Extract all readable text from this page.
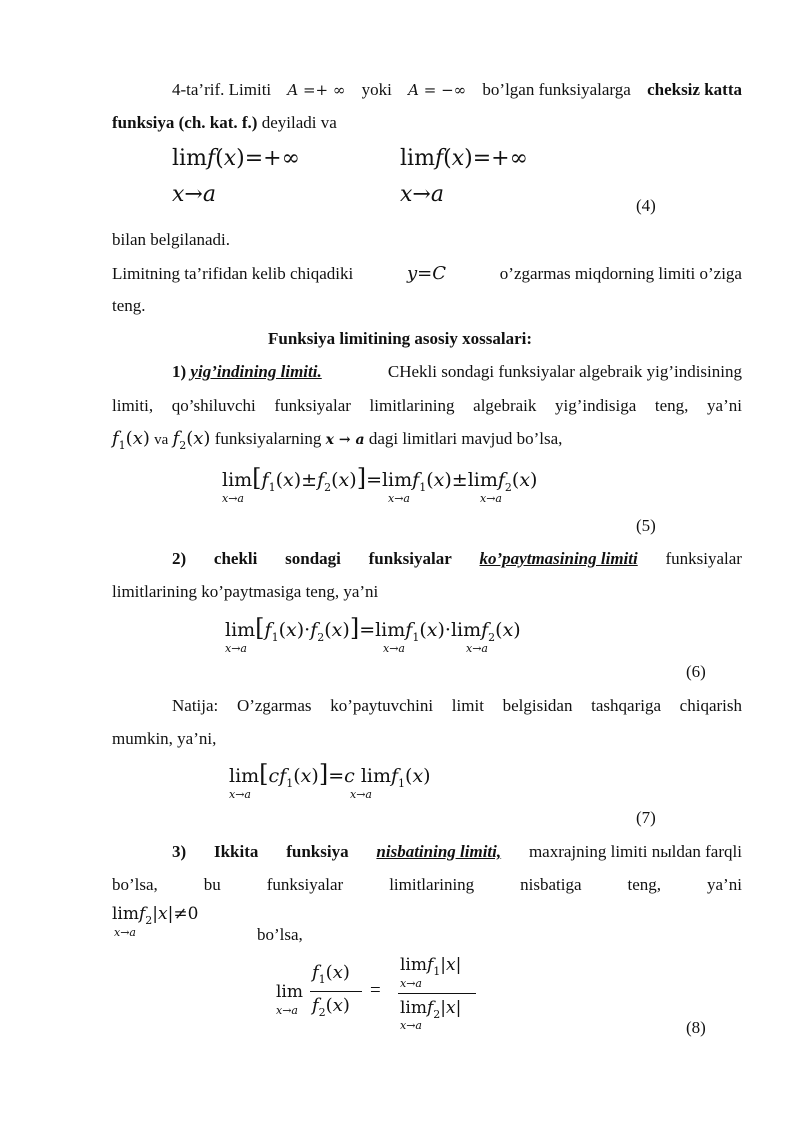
4-ta’rif. Limiti A =+ ∞ yoki A = −∞ bo’lgan funksiyalarga cheksiz katta
funksiya (ch. kat. f.) deyiladi va
limf(x)=+∞
x→a
limf(x)=+∞
x→a	(4)
bilan belgilanadi.
Limitning ta’rifidan kelib chiqadiki	y=C	o’zgarmas miqdorning limiti o’ziga
teng.
Funksiya limitining asosiy xossalari:
1) yig’indining limiti.	CHekli sondagi funksiyalar algebraik yig’indisining
limiti, qo’shiluvchi funksiyalar limitlarining algebraik yig’indisiga teng, ya’ni
$f_1(x)$ va $f_2(x)$ funksiyalarning x → a dagi limitlari mavjud bo’lsa,
$\lim[f_1(x)\pm f_2(x)]=\lim f_1(x)\pm\lim f_2(x)$
x→a	x→a	x→a
(5)
2) chekli sondagi funksiyalar ko’paytmasining limiti funksiyalar
limitlarining ko’paytmasiga teng, ya’ni
$\lim[f_1(x)\cdot f_2(x)]=\lim f_1(x)\cdot\lim f_2(x)$
x→a	x→a	x→a
(6)
Natija: O’zgarmas ko’paytuvchini limit belgisidan tashqariga chiqarish
mumkin, ya’ni,
$\lim[cf_1(x)]=c$ limf$_1$(x)
x→a	x→a
(7)
3) Ikkita funksiya nisbatining limiti, maxrajning limiti nыldan farqli
bo’lsa,	bu	funksiyalar	limitlarining	nisbatiga	teng,	ya’ni
limf$_2$|x|≠0
x→a	bo’lsa,
lim
x→a
$f_1(x)$
$f_2(x)$
=
limf$_1$|x|
x→a
limf$_2$|x|
x→a	(8)
